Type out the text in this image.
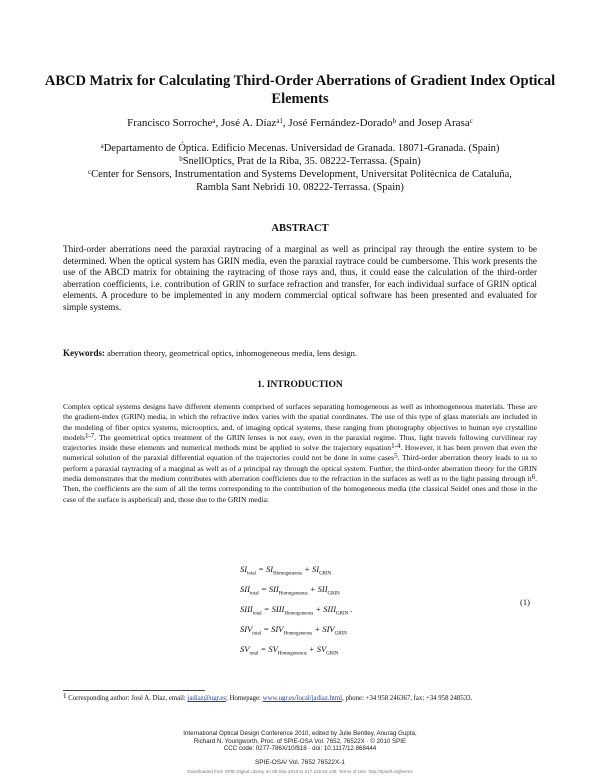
ABCD Matrix for Calculating Third-Order Aberrations of Gradient Index Optical Elements
Francisco Sorroche$^a$, José A. Díaz$^{a1}$, José Fernández-Dorado$^b$ and Josep Arasa$^c$
$^a$Departamento de Óptica. Edificio Mecenas. Universidad de Granada. 18071-Granada. (Spain)
$^b$SnellOptics, Prat de la Riba, 35. 08222-Terrassa. (Spain)
$^c$Center for Sensors, Instrumentation and Systems Development, Universitat Politècnica de Cataluña,
Rambla Sant Nebridi 10. 08222-Terrassa. (Spain)
ABSTRACT
Third-order aberrations need the paraxial raytracing of a marginal as well as principal ray through the entire system to be determined. When the optical system has GRIN media, even the paraxial raytrace could be cumbersome. This work presents the use of the ABCD matrix for obtaining the raytracing of those rays and, thus, it could ease the calculation of the third-order aberration coefficients, i.e. contribution of GRIN to surface refraction and transfer, for each individual surface of GRIN optical elements. A procedure to be implemented in any modern commercial optical software has been presented and evaluated for simple systems.
Keywords: aberration theory, geometrical optics, inhomogeneous media, lens design.
1. INTRODUCTION
Complex optical systems designs have different elements comprised of surfaces separating homogeneous as well as inhomogeneous materials. These are the gradient-index (GRIN) media, in which the refractive index varies with the spatial coordinates. The use of this type of glass materials are included in the modeling of fiber optics systems, microoptics, and, of imaging optical systems, these ranging from photography objectives to human eye crystalline models$^{1-7}$. The geometrical optics treatment of the GRIN lenses is not easy, even in the paraxial regime. Thus, light travels following curvilinear ray trajectories inside these elements and numerical methods must be applied to solve the trajectory equation$^{1-4}$. However, it has been proven that even the numerical solution of the paraxial differential equation of the trajectories could not be done in some cases$^5$. Third-order aberration theory leads to us to perform a paraxial raytracing of a marginal as well as of a principal ray through the optical system. Further, the third-order aberration theory for the GRIN media demonstrates that the medium contributes with aberration coefficients due to the refraction in the surfaces as well as to the light passing through $it^6$. Then, the coefficients are the sum of all the terms corresponding to the contribution of the homogeneous media (the classical Seidel ones and those in the case of the surface is aspherical) and, those due to the GRIN media:
$SI_{total} = SI_{Homogeneous} + SI_{GRIN}$
$SII_{total} = SII_{Homogeneous} + SII_{GRIN}$
$SIII_{total}$ = $SIII_{Homogeneous}$ + $SIII_{GRIN}$ .
$SIV_{total} = SIV_{Homogeneous} + SIV_{GRIN}$
$SV_{total} = SV_{Homogeneous} + SV_{GRIN}$
(1)
$^1$ Corresponding author: José A. Díaz, email: jadiaz@ugr.es; Homepage: www.ugr.es/local/jadiaz.html, phone: +34 958 246367, fax: +34 958 248533.
International Optical Design Conference 2010, edited by Julie Bentley, Anurag Gupta,
Richard N. Youngworth, Proc. of SPIE-OSA Vol. 7652, 76522X · © 2010 SPIE
CCC code: 0277-786X/10/$18 · doi: 10.1117/12.868444
SPIE-OSA/ Vol. 7652 76522X-1
Downloaded from SPIE Digital Library on 09 Sep 2010 to 217.216.83.149. Terms of Use: http://spiedl.org/terms
